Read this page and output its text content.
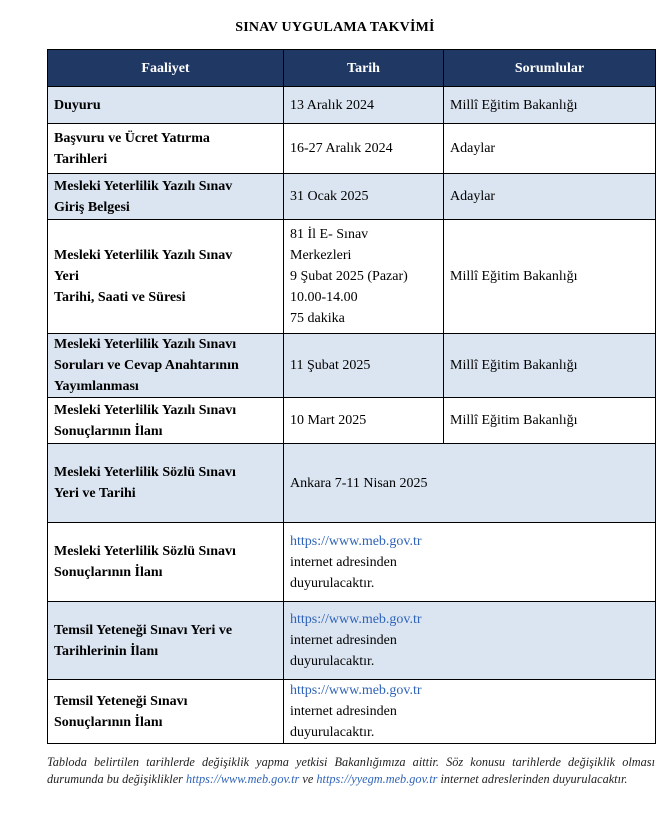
SINAV UYGULAMA TAKVİMİ
Faaliyet	Tarih	Sorumlular
Duyuru	13 Aralık 2024	Millî Eğitim Bakanlığı

Başvuru ve Ücret Yatırma
Tarihleri	16-27 Aralık 2024	Adaylar

Mesleki Yeterlilik Yazılı Sınav
Giriş Belgesi	31 Ocak 2025	Adaylar

Mesleki Yeterlilik Yazılı Sınav
Yeri
Tarihi, Saati ve Süresi	81 İl E- Sınav
Merkezleri
9 Şubat 2025 (Pazar)
10.00-14.00
75 dakika	Millî Eğitim Bakanlığı

Mesleki Yeterlilik Yazılı Sınavı
Soruları ve Cevap Anahtarının
Yayımlanması	11 Şubat 2025	Millî Eğitim Bakanlığı

Mesleki Yeterlilik Yazılı Sınavı
Sonuçlarının İlanı	10 Mart 2025	Millî Eğitim Bakanlığı

Mesleki Yeterlilik Sözlü Sınavı
Yeri ve Tarihi	Ankara 7-11 Nisan 2025	

Mesleki Yeterlilik Sözlü Sınavı
Sonuçlarının İlanı	https://www.meb.gov.tr
internet adresinden
duyurulacaktır.	

Temsil Yeteneği Sınavı Yeri ve
Tarihlerinin İlanı	https://www.meb.gov.tr
internet adresinden
duyurulacaktır.	

Temsil Yeteneği Sınavı
Sonuçlarının İlanı	https://www.meb.gov.tr
internet adresinden
duyurulacaktır.	
Tabloda belirtilen tarihlerde değişiklik yapma yetkisi Bakanlığımıza aittir. Söz konusu tarihlerde değişiklik olması durumunda bu değişiklikler https://www.meb.gov.tr ve https://yyegm.meb.gov.tr internet adreslerinden duyurulacaktır.
